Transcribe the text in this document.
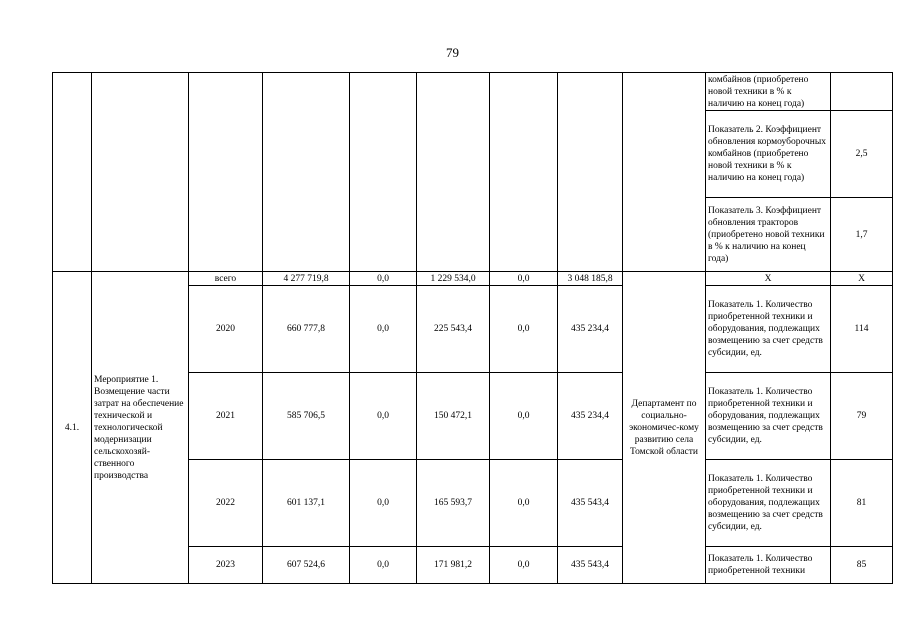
79
									комбайнов (приобретено новой техники в % к наличию на конец года)	
									Показатель 2. Коэффициент обновления кормоуборочных комбайнов (приобретено новой техники в % к наличию на конец года)	2,5
									Показатель 3. Коэффициент обновления тракторов (приобретено новой техники в % к наличию на конец года)	1,7
4.1.	Мероприятие 1. Возмещение части затрат на обеспечение технической и технологической модернизации сельскохозяй-ственного производства	всего	4 277 719,8	0,0	1 229 534,0	0,0	3 048 185,8	Департамент по социально-экономичес-кому развитию села Томской области	X	X
		2020	660 777,8	0,0	225 543,4	0,0	435 234,4		Показатель 1. Количество приобретенной техники и оборудования, подлежащих возмещению за счет средств субсидии, ед.	114
		2021	585 706,5	0,0	150 472,1	0,0	435 234,4		Показатель 1. Количество приобретенной техники и оборудования, подлежащих возмещению за счет средств субсидии, ед.	79
		2022	601 137,1	0,0	165 593,7	0,0	435 543,4		Показатель 1. Количество приобретенной техники и оборудования, подлежащих возмещению за счет средств субсидии, ед.	81
		2023	607 524,6	0,0	171 981,2	0,0	435 543,4		Показатель 1. Количество приобретенной техники	85
